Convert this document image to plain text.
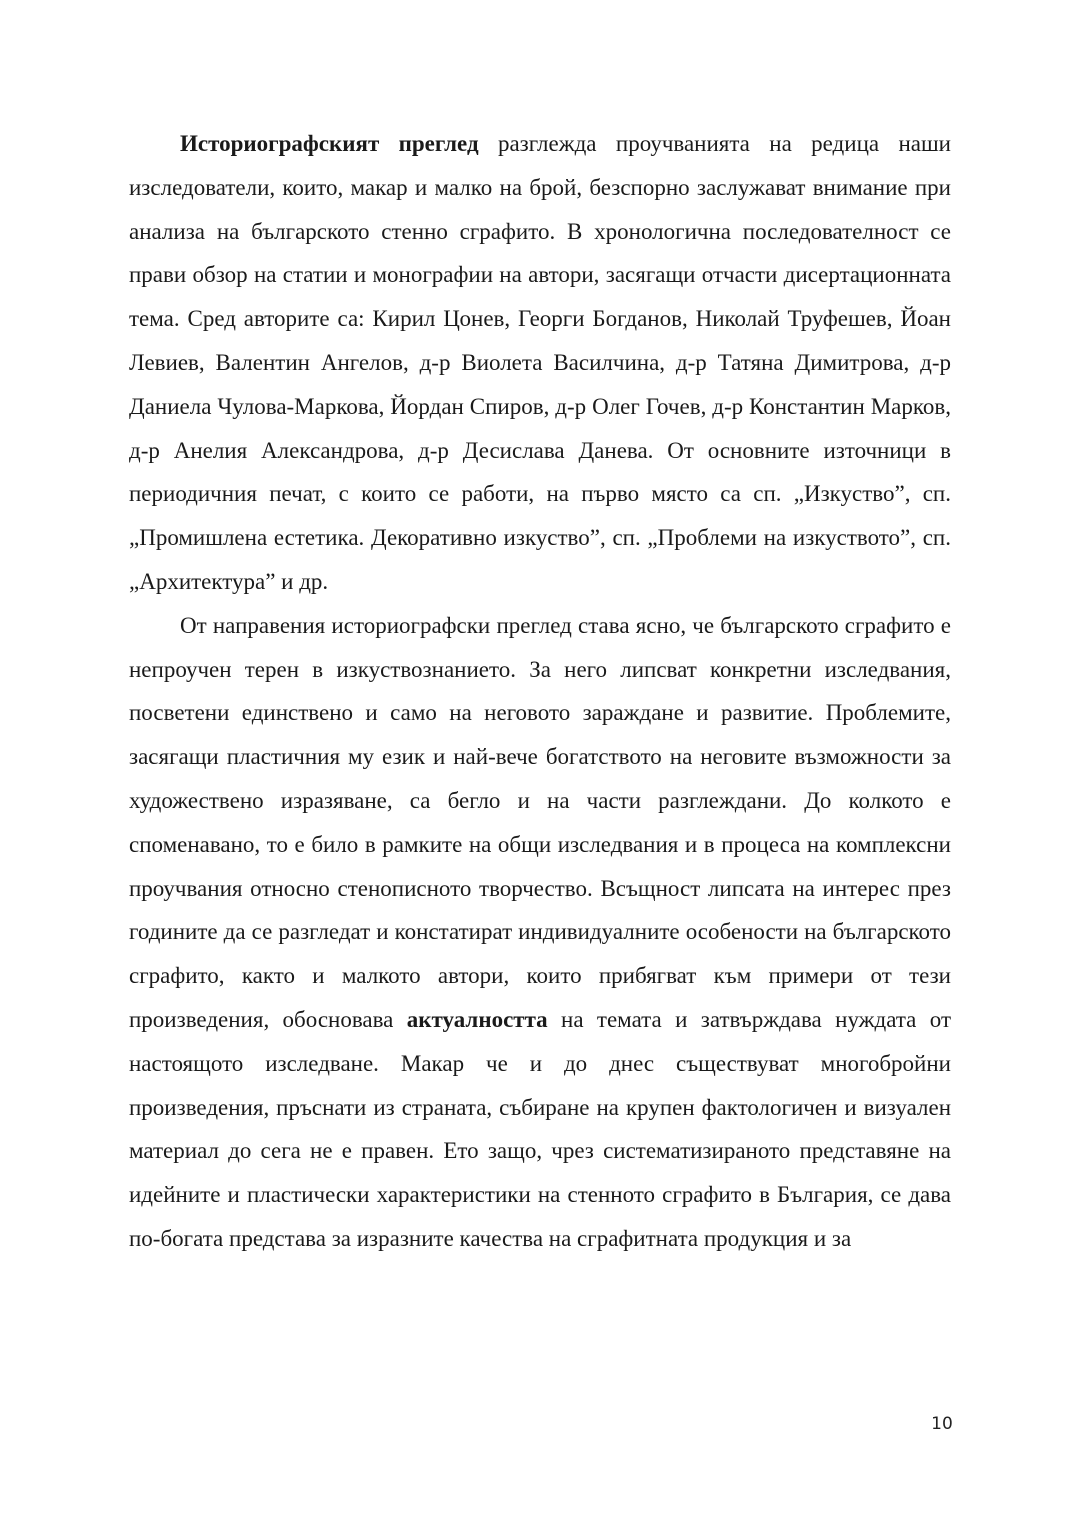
Историографският преглед разглежда проучванията на редица наши изследователи, които, макар и малко на брой, безспорно заслужават внимание при анализа на българското стенно сграфито. В хронологична последователност се прави обзор на статии и монографии на автори, засягащи отчасти дисертационната тема. Сред авторите са: Кирил Цонев, Георги Богданов, Николай Труфешев, Йоан Левиев, Валентин Ангелов, д-р Виолета Василчина, д-р Татяна Димитрова, д-р Даниела Чулова-Маркова, Йордан Спиров, д-р Олег Гочев, д-р Константин Марков, д-р Анелия Александрова, д-р Десислава Данева. От основните източници в периодичния печат, с които се работи, на първо място са сп. „Изкуство”, сп. „Промишлена естетика. Декоративно изкуство”, сп. „Проблеми на изкуството”, сп. „Архитектура” и др.

От направения историографски преглед става ясно, че българското сграфито е непроучен терен в изкуствознанието. За него липсват конкретни изследвания, посветени единствено и само на неговото зараждане и развитие. Проблемите, засягащи пластичния му език и най-вече богатството на неговите възможности за художествено изразяване, са бегло и на части разглеждани. До колкото е споменавано, то е било в рамките на общи изследвания и в процеса на комплексни проучвания относно стенописното творчество. Всъщност липсата на интерес през годините да се разгледат и констатират индивидуалните особености на българското сграфито, както и малкото автори, които прибягват към примери от тези произведения, обосновава актуалността на темата и затвърждава нуждата от настоящото изследване. Макар че и до днес съществуват многобройни произведения, пръснати из страната, събиране на крупен фактологичен и визуален материал до сега не е правен. Ето защо, чрез систематизираното представяне на идейните и пластически характеристики на стенното сграфито в България, се дава по-богата представа за изразните качества на сграфитната продукция и за

10
